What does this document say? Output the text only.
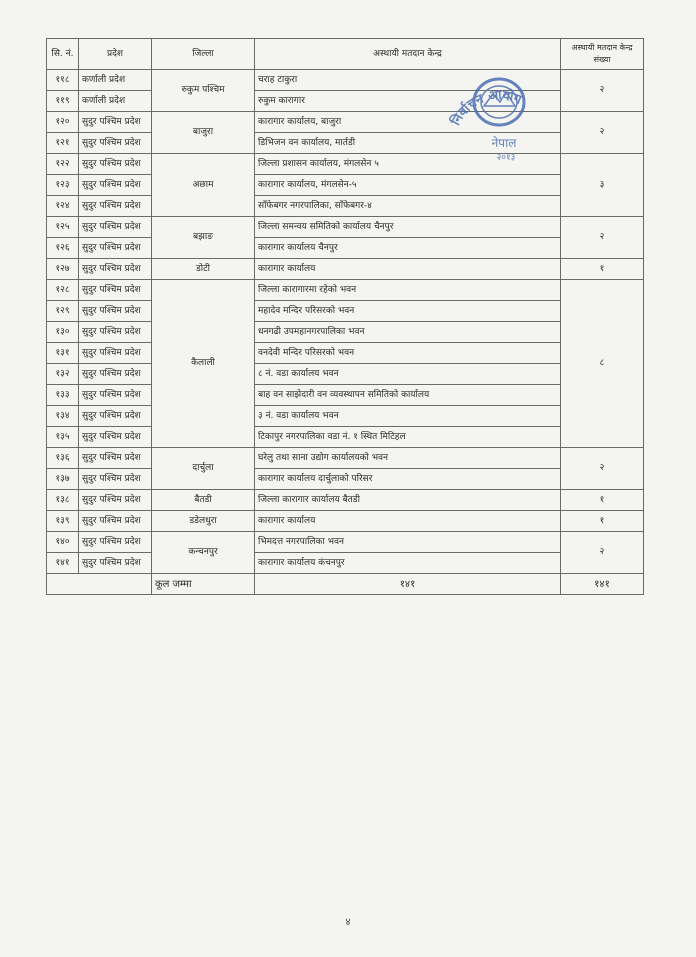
सि. नं.	प्रदेश	जिल्ला	अस्थायी मतदान केन्द्र	अस्थायी मतदान केन्द्र संख्या
११८	कर्णाली प्रदेश	रुकुम पश्चिम	चराह टाकुरा	२
११९	कर्णाली प्रदेश		रुकुम कारागार	
१२०	सुदुर पश्चिम प्रदेश	बाजुरा	कारागार कार्यालय, बाजुरा	२
१२१	सुदुर पश्चिम प्रदेश		डिभिजन वन कार्यालय, मार्तडी	
१२२	सुदुर पश्चिम प्रदेश	अछाम	जिल्ला प्रशासन कार्यालय, मंगलसेन ५	३
१२३	सुदुर पश्चिम प्रदेश		कारागार कार्यालय, मंगलसेन-५	
१२४	सुदुर पश्चिम प्रदेश		साँफेबगर नगरपालिका, साँफेबगर-४	
१२५	सुदुर पश्चिम प्रदेश	बझाङ	जिल्ला समन्वय समितिको कार्यालय चैनपुर	२
१२६	सुदुर पश्चिम प्रदेश		कारागार कार्यालय चैनपुर	
१२७	सुदुर पश्चिम प्रदेश	डोटी	कारागार कार्यालय	१
१२८	सुदुर पश्चिम प्रदेश	कैलाली	जिल्ला कारागारमा रहेको भवन	८
१२९	सुदुर पश्चिम प्रदेश		महादेव मन्दिर परिसरको भवन	
१३०	सुदुर पश्चिम प्रदेश		धनगढी उपमहानगरपालिका भवन	
१३१	सुदुर पश्चिम प्रदेश		वनदेवी मन्दिर परिसरको भवन	
१३२	सुदुर पश्चिम प्रदेश		८ नं. वडा कार्यालय भवन	
१३३	सुदुर पश्चिम प्रदेश		बाह वन साझेदारी वन व्यवस्थापन समितिको कार्यालय	
१३४	सुदुर पश्चिम प्रदेश		३ नं. वडा कार्यालय भवन	
१३५	सुदुर पश्चिम प्रदेश		टिकापुर नगरपालिका वडा नं. १ स्थित मिटिहल	
१३६	सुदुर पश्चिम प्रदेश	दार्चुला	घरेलु तथा साना उद्योग कार्यालयको भवन	२
१३७	सुदुर पश्चिम प्रदेश		कारागार कार्यालय दार्चुलाको परिसर	
१३८	सुदुर पश्चिम प्रदेश	बैतडी	जिल्ला कारागार कार्यालय बैतडी	१
१३९	सुदुर पश्चिम प्रदेश	डडेलधुरा	कारागार कार्यालय	१
१४०	सुदुर पश्चिम प्रदेश	कन्चनपुर	भिमदत्त नगरपालिका भवन	२
१४१	सुदुर पश्चिम प्रदेश		कारागार कार्यालय कंचनपुर	
		कूल जम्मा	१४१	१४१
निर्वाचन आयोग
नेपाल
२०१३
४
